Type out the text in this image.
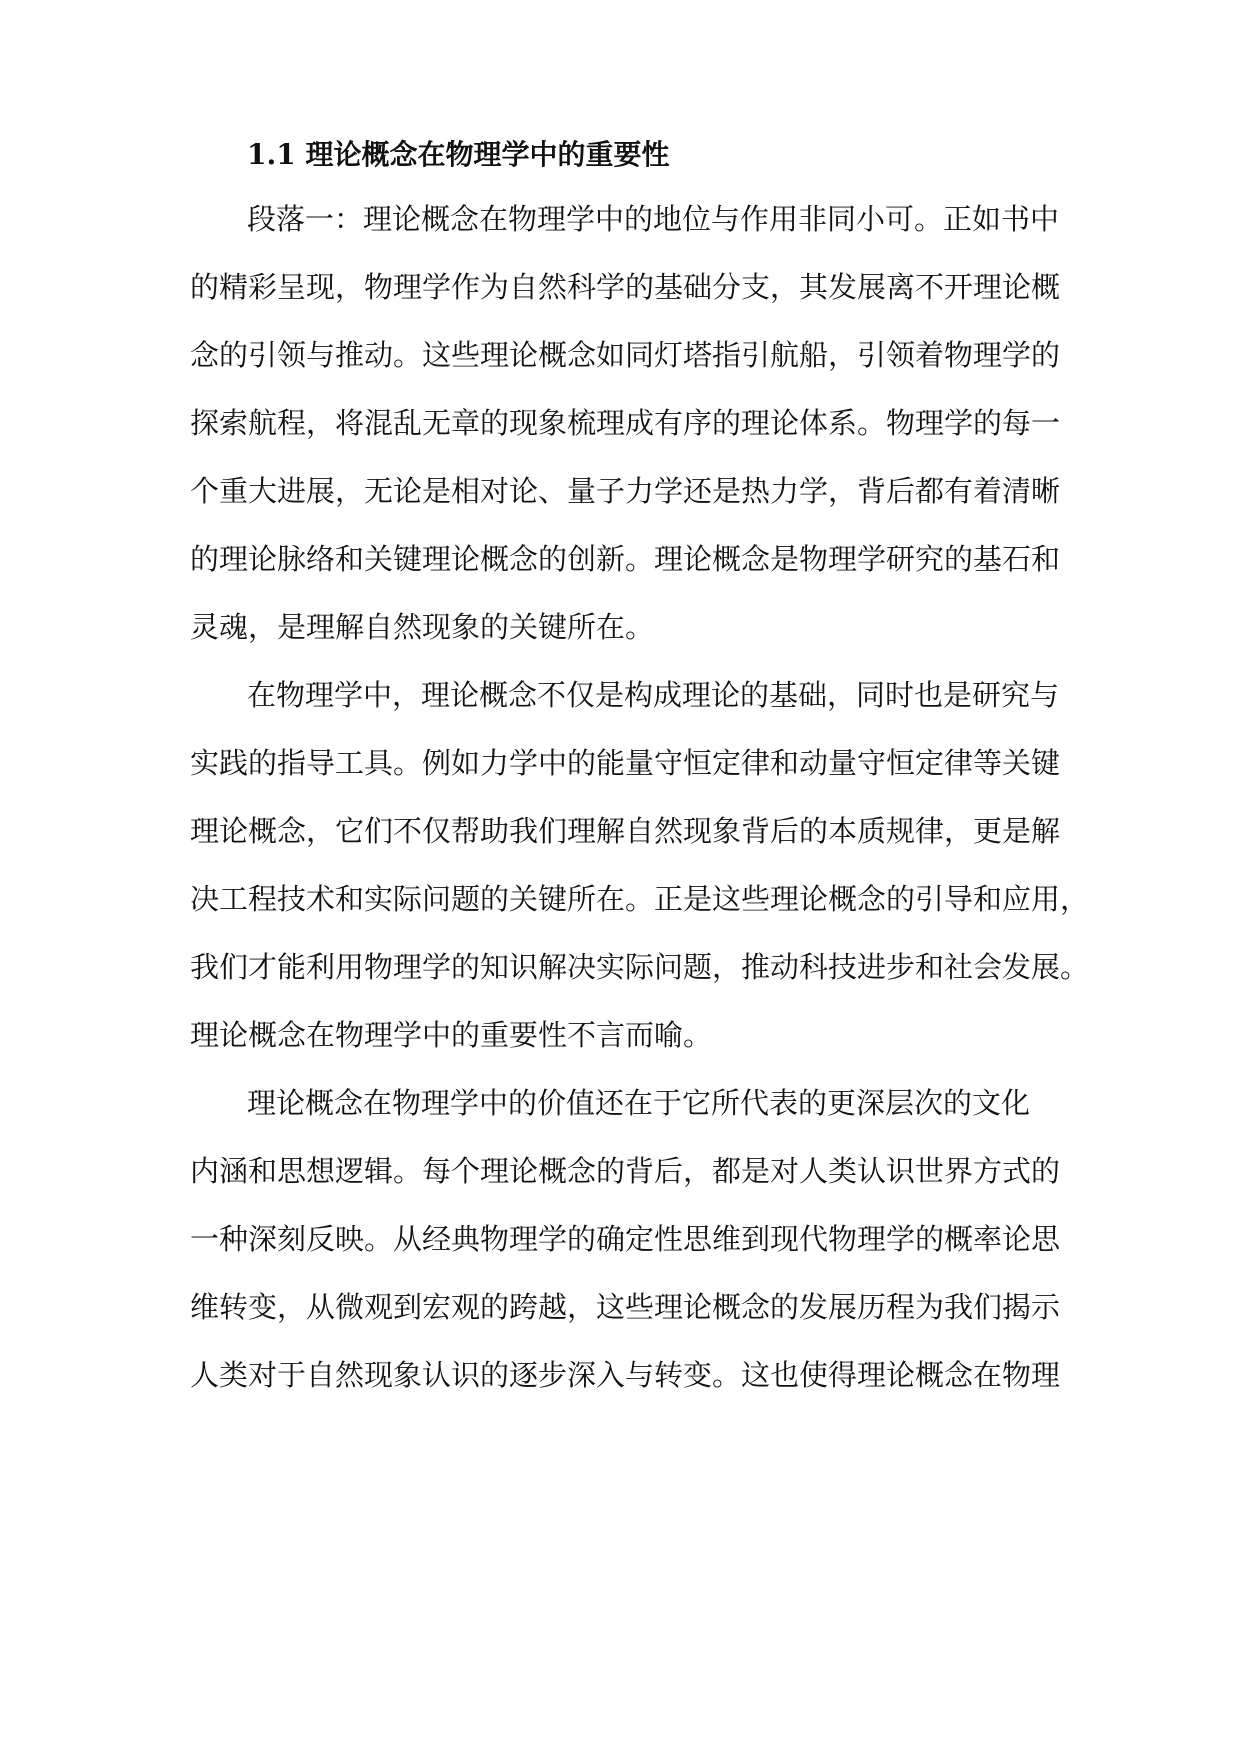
1.1 理论概念在物理学中的重要性
段落一：理论概念在物理学中的地位与作用非同小可。正如书中
的精彩呈现，物理学作为自然科学的基础分支，其发展离不开理论概
念的引领与推动。这些理论概念如同灯塔指引航船，引领着物理学的
探索航程，将混乱无章的现象梳理成有序的理论体系。物理学的每一
个重大进展，无论是相对论、量子力学还是热力学，背后都有着清晰
的理论脉络和关键理论概念的创新。理论概念是物理学研究的基石和
灵魂，是理解自然现象的关键所在。
在物理学中，理论概念不仅是构成理论的基础，同时也是研究与
实践的指导工具。例如力学中的能量守恒定律和动量守恒定律等关键
理论概念，它们不仅帮助我们理解自然现象背后的本质规律，更是解
决工程技术和实际问题的关键所在。正是这些理论概念的引导和应用，
我们才能利用物理学的知识解决实际问题，推动科技进步和社会发展。
理论概念在物理学中的重要性不言而喻。
理论概念在物理学中的价值还在于它所代表的更深层次的文化
内涵和思想逻辑。每个理论概念的背后，都是对人类认识世界方式的
一种深刻反映。从经典物理学的确定性思维到现代物理学的概率论思
维转变，从微观到宏观的跨越，这些理论概念的发展历程为我们揭示
人类对于自然现象认识的逐步深入与转变。这也使得理论概念在物理
